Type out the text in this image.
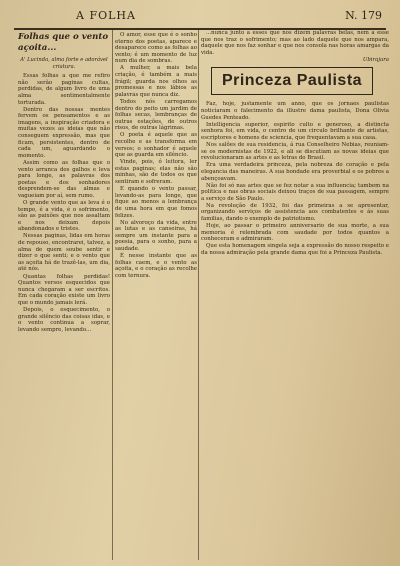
A FOLHA	N. 179

Folhas que o vento açoita...

A' Lucinda, alma forte e adorável criatura.

Essas folhas a que me refiro não serão paginas cultas, perdidas, de algum livro de uma alma sentimentalmente torturada.

Dentro das nossas mentes fervem os pensamentos e as imagens, a inspiração criadora e muitas vezes as ideias que não conseguem expressão, mas que ficam, persistentes, dentro de cada um, aguardando o momento.

Assim como as folhas que o vento arranca dos galhos e leva para longe, as palavras dos poetas e dos sonhadores desprendem-se das almas e vagueiam por aí, sem rumo.

O grande vento que as leva é o tempo, é a vida, é o sofrimento, são as paixões que nos assaltam e nos deixam depois abandonados e tristes.

Nessas paginas, lidas em horas de repouso, encontrarei, talvez, a alma de quem soube sentir e dizer o que senti; e o vento que as açoita há de trazê-las, um dia, até nós.

Quantas folhas perdidas! Quantos versos esquecidos que nunca chegaram a ser escritos. Em cada coração existe um livro que o mundo jamais lerá.

Depois, o esquecimento, o grande silêncio das coisas idas, e o vento continua a soprar, levando sempre, levando...

O amor, esse que é o sonho eterno dos poetas, aparece e desaparece como as folhas ao vento; é um momento de luz num dia de sombras.

A mulher, a mais bela criação, é também a mais frágil; guarda nos olhos as promessas e nos lábios as palavras que nunca diz.

Todos nós carregamos dentro do peito um jardim de folhas secas, lembranças de outras estações, de outros risos, de outras lágrimas.

O poeta é aquele que as recolhe e as transforma em versos; o sonhador é aquele que as guarda em silêncio.

Vinde, pois, ó leitora, ler estas paginas; elas não são minhas, são de todos os que sentiram e sofreram.

E quando o vento passar, levando-as para longe, que fique ao menos a lembrança de uma hora em que fomos felizes.

No alvoroço da vida, entre as lutas e as canseiras, há sempre um instante para a poesia, para o sonho, para a saudade.

É nesse instante que as folhas caem, e o vento as açoita, e o coração as recolhe com ternura.

...nunca junto a esses que nos dizem palavras belas, nem a esse que nos traz o sofrimento; mas ao lado daquele que nos ampara, daquele que nos faz sonhar e que nos consola nas horas amargas da vida.

Ubirajara

Princeza Paulista

Faz, hoje, justamente um anno, que os jornaes paulistas noticiaram o falecimento da illustre dama paulista, Dona Olivia Guedes Penteado.

Intelligencia superior, espirito culto e generoso, a distincta senhora foi, em vida, o centro de um circulo brilhante de artistas, escriptores e homens de sciencia, que frequentavam a sua casa.

Nos salões de sua residencia, á rua Conselheiro Nebias, reuniam-se os modernistas de 1922, e ali se discutiam as novas ideias que revolucionaram as artes e as letras do Brasil.

Era uma verdadeira princeza, pela nobreza do coração e pela elegancia das maneiras. A sua bondade era proverbial e os pobres a abençoavam.

Não foi só nas artes que se fez notar a sua influencia; tambem na politica e nas obras sociais deixou traços de sua passagem, sempre a serviço de São Paulo.

Na revolução de 1932, foi das primeiras a se apresentar, organizando serviços de assistencia aos combatentes e ás suas familias, dando o exemplo de patriotismo.

Hoje, ao passar o primeiro anniversario de sua morte, a sua memoria é relembrada com saudade por todos quantos a conheceram e admiraram.

Que esta homenagem singela seja a expressão do nosso respeito e da nossa admiração pela grande dama que foi a Princeza Paulista.
